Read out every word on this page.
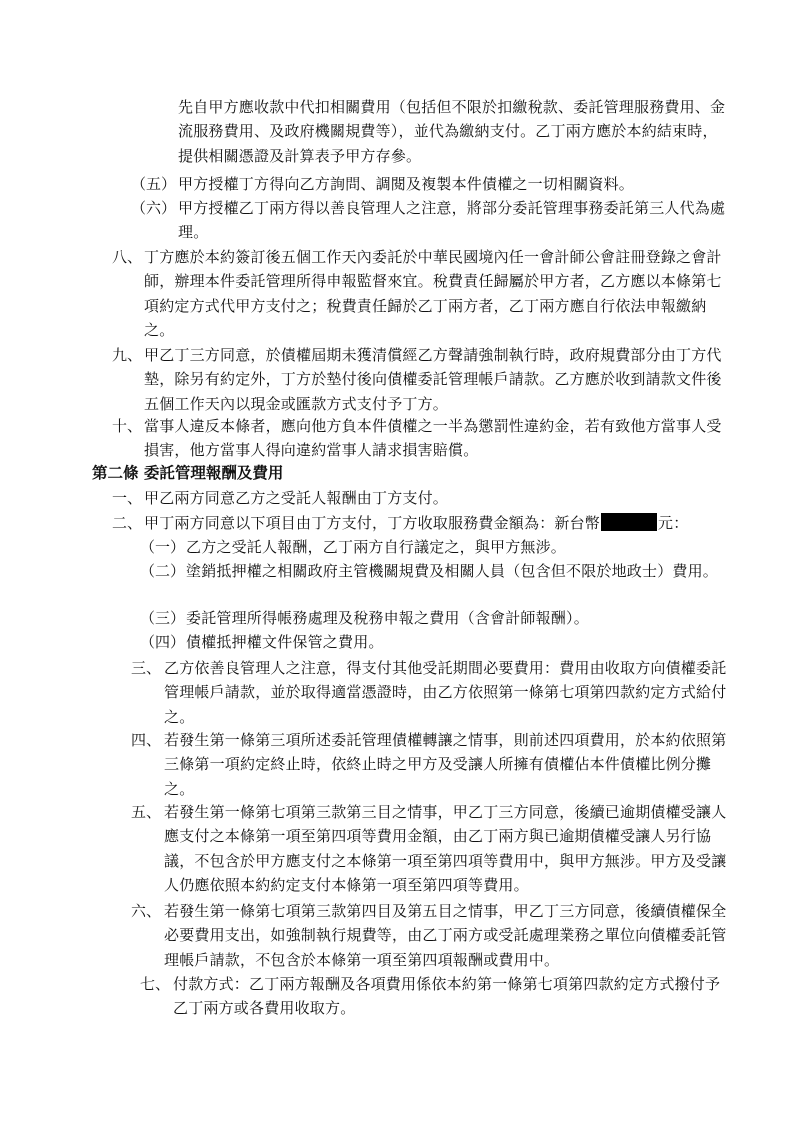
先自甲方應收款中代扣相關費用（包括但不限於扣繳稅款、委託管理服務費用、金流服務費用、及政府機關規費等），並代為繳納支付。乙丁兩方應於本約結束時，提供相關憑證及計算表予甲方存參。

（五） 甲方授權丁方得向乙方詢問、調閱及複製本件債權之一切相關資料。

（六） 甲方授權乙丁兩方得以善良管理人之注意，將部分委託管理事務委託第三人代為處理。

八、 丁方應於本約簽訂後五個工作天內委託於中華民國境內任一會計師公會註冊登錄之會計師，辦理本件委託管理所得申報監督來宜。稅費責任歸屬於甲方者，乙方應以本條第七項約定方式代甲方支付之；稅費責任歸於乙丁兩方者，乙丁兩方應自行依法申報繳納之。

九、 甲乙丁三方同意，於債權屆期未獲清償經乙方聲請強制執行時，政府規費部分由丁方代墊，除另有約定外，丁方於墊付後向債權委託管理帳戶請款。乙方應於收到請款文件後五個工作天內以現金或匯款方式支付予丁方。

十、 當事人違反本條者，應向他方負本件債權之一半為懲罰性違約金，若有致他方當事人受損害，他方當事人得向違約當事人請求損害賠償。

第二條 委託管理報酬及費用
一、 甲乙兩方同意乙方之受託人報酬由丁方支付。

二、 甲丁兩方同意以下項目由丁方支付，丁方收取服務費金額為：新台幣	元：

（一） 乙方之受託人報酬，乙丁兩方自行議定之，與甲方無涉。

（二） 塗銷抵押權之相關政府主管機關規費及相關人員（包含但不限於地政士）費用。

（三） 委託管理所得帳務處理及稅務申報之費用（含會計師報酬）。

（四） 債權抵押權文件保管之費用。

三、 乙方依善良管理人之注意，得支付其他受託期間必要費用：費用由收取方向債權委託管理帳戶請款，並於取得適當憑證時，由乙方依照第一條第七項第四款約定方式給付之。

四、 若發生第一條第三項所述委託管理債權轉讓之情事，則前述四項費用，於本約依照第三條第一項約定終止時，依終止時之甲方及受讓人所擁有債權佔本件債權比例分攤之。

五、 若發生第一條第七項第三款第三目之情事，甲乙丁三方同意，後續已逾期債權受讓人應支付之本條第一項至第四項等費用金額，由乙丁兩方與已逾期債權受讓人另行協議，不包含於甲方應支付之本條第一項至第四項等費用中，與甲方無涉。甲方及受讓人仍應依照本約約定支付本條第一項至第四項等費用。

六、 若發生第一條第七項第三款第四目及第五目之情事，甲乙丁三方同意，後續債權保全必要費用支出，如強制執行規費等，由乙丁兩方或受託處理業務之單位向債權委託管理帳戶請款，不包含於本條第一項至第四項報酬或費用中。

七、 付款方式：乙丁兩方報酬及各項費用係依本約第一條第七項第四款約定方式撥付予乙丁兩方或各費用收取方。
